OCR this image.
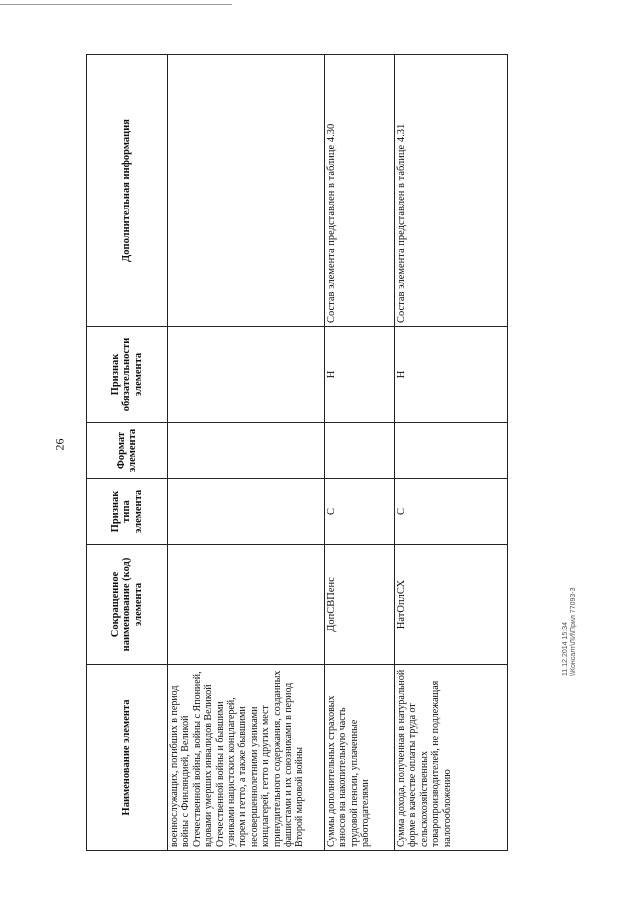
26
Наименование элемента	Сокращенное наименование (код) элемента	Признак типа элемента	Формат элемента	Признак обязательности элемента	Дополнительная информация
военнослужащих, погибших в период войны с Финляндией, Великой Отечественной войны, войны с Японией, вдовами умерших инвалидов Великой Отечественной войны и бывшими узниками нацистских концлагерей, тюрем и гетто, а также бывшими несовершеннолетними узниками концлагерей, гетто и других мест принудительного содержания, созданных фашистами и их союзниками в период Второй мировой войны					
Суммы дополнительных страховых взносов на накопительную часть трудовой пенсии, уплаченные работодателями	ДопСВПенс	С		Н	Состав элемента представлен в таблице 4.30
Сумма дохода, полученная в натуральной форме в качестве оплаты труда от сельскохозяйственных товаропроизводителей, не подлежащая налогообложению	НатОплСХ	С		Н	Состав элемента представлен в таблице 4.31
11.12.2014 15:34 \\Консалт\ЛИ\Прил 77093-3
